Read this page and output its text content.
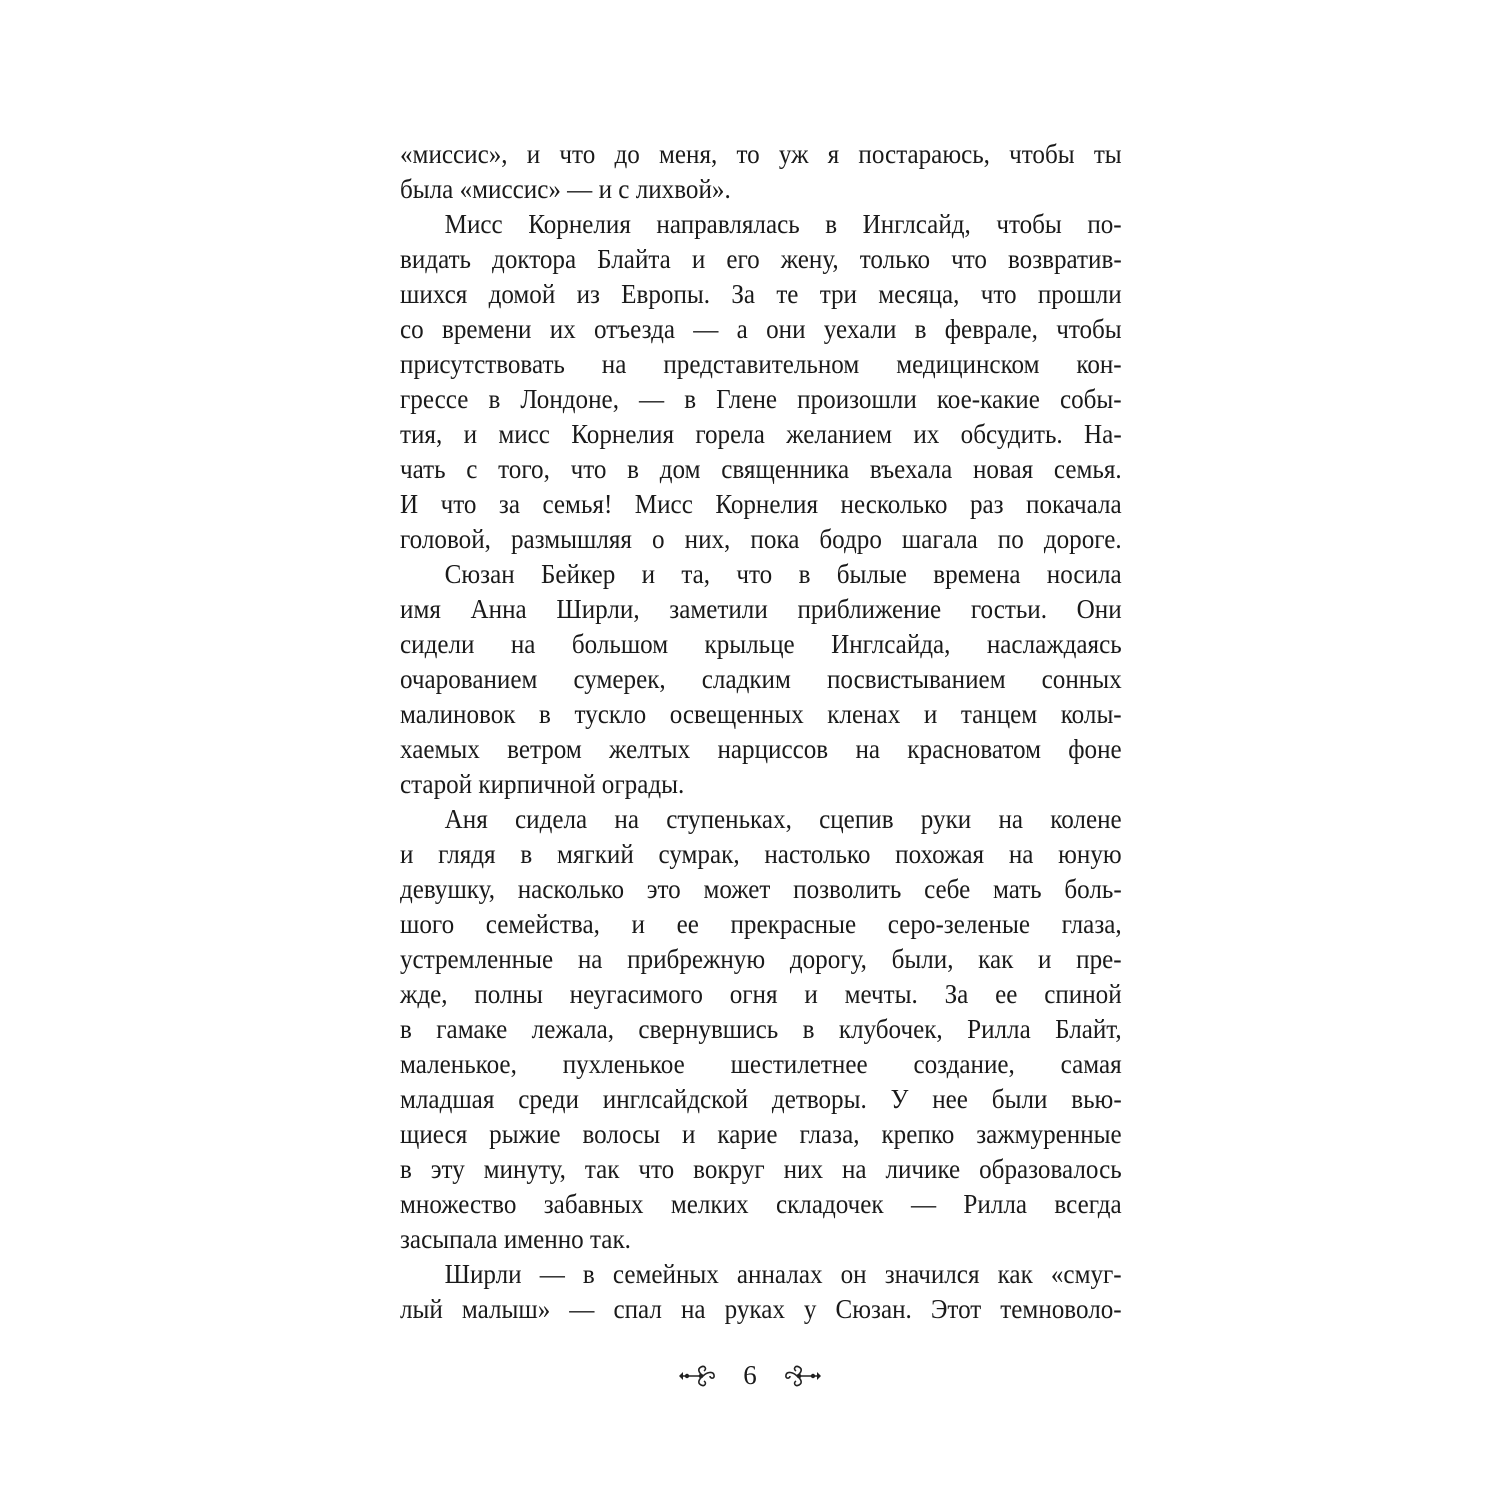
«миссис», и что до меня, то уж я постараюсь, чтобы ты
была «миссис» — и с лихвой».
Мисс Корнелия направлялась в Инглсайд, чтобы по-
видать доктора Блайта и его жену, только что возвратив-
шихся домой из Европы. За те три месяца, что прошли
со времени их отъезда — а они уехали в феврале, чтобы
присутствовать на представительном медицинском кон-
грессе в Лондоне, — в Глене произошли кое-какие собы-
тия, и мисс Корнелия горела желанием их обсудить. На-
чать с того, что в дом священника въехала новая семья.
И что за семья! Мисс Корнелия несколько раз покачала
головой, размышляя о них, пока бодро шагала по дороге.
Сюзан Бейкер и та, что в былые времена носила
имя Анна Ширли, заметили приближение гостьи. Они
сидели на большом крыльце Инглсайда, наслаждаясь
очарованием сумерек, сладким посвистыванием сонных
малиновок в тускло освещенных кленах и танцем колы-
хаемых ветром желтых нарциссов на красноватом фоне
старой кирпичной ограды.
Аня сидела на ступеньках, сцепив руки на колене
и глядя в мягкий сумрак, настолько похожая на юную
девушку, насколько это может позволить себе мать боль-
шого семейства, и ее прекрасные серо-зеленые глаза,
устремленные на прибрежную дорогу, были, как и пре-
жде, полны неугасимого огня и мечты. За ее спиной
в гамаке лежала, свернувшись в клубочек, Рилла Блайт,
маленькое, пухленькое шестилетнее создание, самая
младшая среди инглсайдской детворы. У нее были вью-
щиеся рыжие волосы и карие глаза, крепко зажмуренные
в эту минуту, так что вокруг них на личике образовалось
множество забавных мелких складочек — Рилла всегда
засыпала именно так.
Ширли — в семейных анналах он значился как «смуг-
лый малыш» — спал на руках у Сюзан. Этот темноволо-
6
